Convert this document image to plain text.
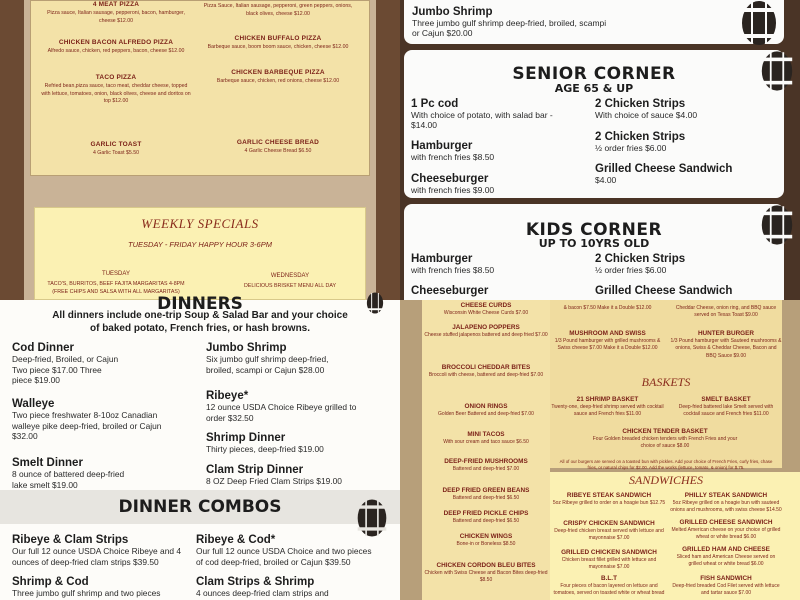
4 MEAT PIZZA
Pizza sauce, Italian sausage, pepperoni, bacon, hamburger, cheese $12.00
Pizza Sauce, Italian sausage, pepperoni, green peppers, onions, black olives, cheese $12.00
CHICKEN BACON ALFREDO PIZZA
Alfredo sauce, chicken, red peppers, bacon, cheese $12.00
CHICKEN BUFFALO PIZZA
Barbeque sauce, boom boom sauce, chicken, cheese $12.00
TACO PIZZA
Refried bean,pizza sauce, taco meat, cheddar cheese, topped with lettuce, tomatoes, onion, black olives, cheese and doritos on top $12.00
CHICKEN BARBEQUE PIZZA
Barbeque sauce, chicken, red onions, cheese $12.00
GARLIC TOAST
4 Garlic Toast $5.50
GARLIC CHEESE BREAD
4 Garlic Cheese Bread $6.50
WEEKLY SPECIALS
TUESDAY - FRIDAY HAPPY HOUR 3-6PM
TUESDAY
TACO'S, BURRITOS, BEEF FAJITA MARGARITAS 4-8PM
(FREE CHIPS AND SALSA WITH ALL MARGARITAS)
WEDNESDAY
DELICIOUS BRISKET MENU ALL DAY
Jumbo Shrimp
Three jumbo gulf shrimp deep-fried, broiled, scampi or Cajun $20.00
SENIOR CORNER
AGE 65 & UP
1 Pc cod
With choice of potato, with salad bar - $14.00
2 Chicken Strips
With choice of sauce $4.00
Hamburger
with french fries $8.50
2 Chicken Strips
½ order fries $6.00
Cheeseburger
with french fries $9.00
Grilled Cheese Sandwich
$4.00
KIDS CORNER
UP TO 10YRS OLD
Hamburger
with french fries $8.50
2 Chicken Strips
½ order fries $6.00
Cheeseburger	Grilled Cheese Sandwich
DINNERS
All dinners include one-trip Soup & Salad Bar and your choice of baked potato, French fries, or hash browns.
Cod Dinner
Deep-fried, Broiled, or Cajun Two piece $17.00 Three piece $19.00
Jumbo Shrimp
Six jumbo gulf shrimp deep-fried, broiled, scampi or Cajun $28.00
Walleye
Two piece freshwater 8-10oz Canadian walleye pike deep-fried, broiled or Cajun $32.00
Ribeye*
12 ounce USDA Choice Ribeye grilled to order $32.50
Shrimp Dinner
Thirty pieces, deep-fried $19.00
Smelt Dinner
8 ounce of battered deep-fried lake smelt $19.00
Clam Strip Dinner
8 OZ Deep Fried Clam Strips $19.00
DINNER COMBOS
Ribeye & Clam Strips
Our full 12 ounce USDA Choice Ribeye and 4 ounces of deep-fried clam strips $39.50
Ribeye & Cod*
Our full 12 ounce USDA Choice and two pieces of cod deep-fried, broiled or Cajun $39.50
Shrimp & Cod
Three jumbo gulf shrimp and two pieces
Clam Strips & Shrimp
4 ounces deep-fried clam strips and
CHEESE CURDS
Wisconsin White Cheese Curds $7.00
JALAPENO POPPERS
Cheese stuffed jalapenos battered and deep fried $7.00
BROCCOLI CHEDDAR BITES
Broccoli with cheese, battered and deep-fried $7.00
ONION RINGS
Golden Beer Battered and deep-fried $7.00
MINI TACOS
With sour cream and taco sauce $6.50
DEEP-FRIED MUSHROOMS
Battered and deep-fried $7.00
DEEP FRIED GREEN BEANS
Battered and deep-fried $6.50
DEEP FRIED PICKLE CHIPS
Battered and deep-fried $6.50
CHICKEN WINGS
Bone-in or Boneless $8.50
CHICKEN CORDON BLEU BITES
Chicken with Swiss Cheese and Bacon Bites deep-fried $8.50
& bacon $7.50 Make it a Double $12.00	Cheddar Cheese, onion ring, and BBQ sauce served on Texas Toast $9.00
MUSHROOM AND SWISS
1/3 Pound hamburger with grilled mushrooms & Swiss cheese $7.00 Make it a Double $12.00
HUNTER BURGER
1/3 Pound hamburger with Sauteed mushrooms & onions, Swiss & Cheddar Cheese, Bacon and BBQ Sauce $9.00
BASKETS
21 SHRIMP BASKET
Twenty-one, deep-fried shrimp served with cocktail sauce and French fries $11.00
SMELT BASKET
Deep-fried battered lake Smelt served with cocktail sauce and French fries $11.00
CHICKEN TENDER BASKET
Four Golden breaded chicken tenders with French Fries and your choice of sauce $8.00
All of our burgers are served on a toasted bun with pickles. Add your choice of French Fries, curly fries, chase fries, or natural chips for $2.00. Add the works (lettuce, tomato, & onion) for $.75.
SANDWICHES
RIBEYE STEAK SANDWICH
5oz Ribeye grilled to order on a hoagie bun $12.75
PHILLY STEAK SANDWICH
5oz Ribeye grilled on a hoagie bun with sauteed onions and mushrooms, with swiss cheese $14.50
CRISPY CHICKEN SANDWICH
Deep-fried chicken breast served with lettuce and mayonnaise $7.00
GRILLED CHEESE SANDWICH
Melted American cheese on your choice of grilled wheat or white bread $6.00
GRILLED CHICKEN SANDWICH
Chicken breast fillet grilled with lettuce and mayonnaise $7.00
GRILLED HAM AND CHEESE
Sliced ham and American Cheese served on grilled wheat or white bread $6.00
B.L.T
Four pieces of bacon layered on lettuce and tomatoes, served on toasted white or wheat bread
FISH SANDWICH
Deep-fried breaded Cod Filet served with lettuce and tartar sauce $7.00
